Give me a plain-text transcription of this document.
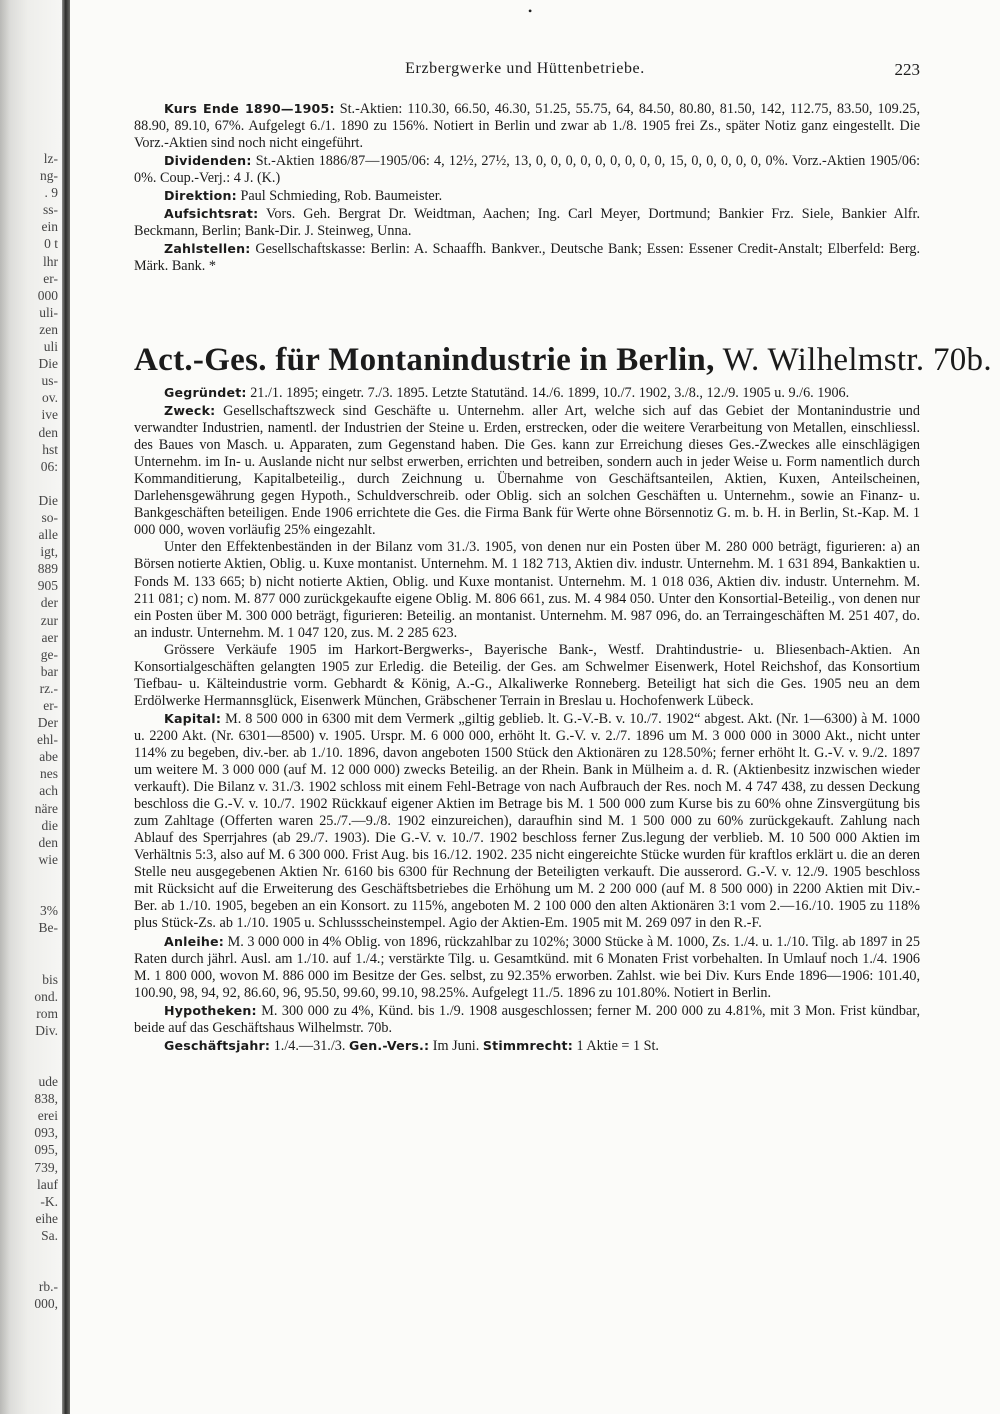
lz-
ng-
. 9
ss-
ein
0 t
lhr
er-
000
uli-
zen
uli
Die
us-
ov.
ive
den
hst
06:
Die
so-
alle
igt,
889
905
der
zur
aer
ge-
bar
rz.-
er-
Der
ehl-
abe
nes
ach
näre
die
den
wie
3%
Be-
bis
ond.
rom
Div.
ude
838,
erei
093,
095,
739,
lauf
-K.
eihe
Sa.
rb.-
000,
•
Erzbergwerke und Hüttenbetriebe.	223

Kurs Ende 1890—1905: St.-Aktien: 110.30, 66.50, 46.30, 51.25, 55.75, 64, 84.50, 80.80, 81.50, 142, 112.75, 83.50, 109.25, 88.90, 89.10, 67%. Aufgelegt 6./1. 1890 zu 156%. Notiert in Berlin und zwar ab 1./8. 1905 frei Zs., später Notiz ganz eingestellt. Die Vorz.-Aktien sind noch nicht eingeführt.

Dividenden: St.-Aktien 1886/87—1905/06: 4, 12½, 27½, 13, 0, 0, 0, 0, 0, 0, 0, 0, 0, 15, 0, 0, 0, 0, 0, 0%. Vorz.-Aktien 1905/06: 0%. Coup.-Verj.: 4 J. (K.)

Direktion: Paul Schmieding, Rob. Baumeister.

Aufsichtsrat: Vors. Geh. Bergrat Dr. Weidtman, Aachen; Ing. Carl Meyer, Dortmund; Bankier Frz. Siele, Bankier Alfr. Beckmann, Berlin; Bank-Dir. J. Steinweg, Unna.

Zahlstellen: Gesellschaftskasse: Berlin: A. Schaaffh. Bankver., Deutsche Bank; Essen: Essener Credit-Anstalt; Elberfeld: Berg. Märk. Bank. *

Act.-Ges. für Montanindustrie in Berlin, W. Wilhelmstr. 70b.

Gegründet: 21./1. 1895; eingetr. 7./3. 1895. Letzte Statutänd. 14./6. 1899, 10./7. 1902, 3./8., 12./9. 1905 u. 9./6. 1906.

Zweck: Gesellschaftszweck sind Geschäfte u. Unternehm. aller Art, welche sich auf das Gebiet der Montanindustrie und verwandter Industrien, namentl. der Industrien der Steine u. Erden, erstrecken, oder die weitere Verarbeitung von Metallen, einschliessl. des Baues von Masch. u. Apparaten, zum Gegenstand haben. Die Ges. kann zur Erreichung dieses Ges.-Zweckes alle einschlägigen Unternehm. im In- u. Auslande nicht nur selbst erwerben, errichten und betreiben, sondern auch in jeder Weise u. Form namentlich durch Kommanditierung, Kapitalbeteilig., durch Zeichnung u. Übernahme von Geschäftsanteilen, Aktien, Kuxen, Anteilscheinen, Darlehensgewährung gegen Hypoth., Schuldverschreib. oder Oblig. sich an solchen Geschäften u. Unternehm., sowie an Finanz- u. Bankgeschäften beteiligen. Ende 1906 errichtete die Ges. die Firma Bank für Werte ohne Börsennotiz G. m. b. H. in Berlin, St.-Kap. M. 1 000 000, woven vorläufig 25% eingezahlt.

Unter den Effektenbeständen in der Bilanz vom 31./3. 1905, von denen nur ein Posten über M. 280 000 beträgt, figurieren: a) an Börsen notierte Aktien, Oblig. u. Kuxe montanist. Unternehm. M. 1 182 713, Aktien div. industr. Unternehm. M. 1 631 894, Bankaktien u. Fonds M. 133 665; b) nicht notierte Aktien, Oblig. und Kuxe montanist. Unternehm. M. 1 018 036, Aktien div. industr. Unternehm. M. 211 081; c) nom. M. 877 000 zurückgekaufte eigene Oblig. M. 806 661, zus. M. 4 984 050. Unter den Konsortial-Beteilig., von denen nur ein Posten über M. 300 000 beträgt, figurieren: Beteilig. an montanist. Unternehm. M. 987 096, do. an Terraingeschäften M. 251 407, do. an industr. Unternehm. M. 1 047 120, zus. M. 2 285 623.

Grössere Verkäufe 1905 im Harkort-Bergwerks-, Bayerische Bank-, Westf. Drahtindustrie- u. Bliesenbach-Aktien. An Konsortialgeschäften gelangten 1905 zur Erledig. die Beteilig. der Ges. am Schwelmer Eisenwerk, Hotel Reichshof, das Konsortium Tiefbau- u. Kälteindustrie vorm. Gebhardt & König, A.-G., Alkaliwerke Ronneberg. Beteiligt hat sich die Ges. 1905 neu an dem Erdölwerke Hermannsglück, Eisenwerk München, Gräbschener Terrain in Breslau u. Hochofenwerk Lübeck.

Kapital: M. 8 500 000 in 6300 mit dem Vermerk „giltig geblieb. lt. G.-V.-B. v. 10./7. 1902“ abgest. Akt. (Nr. 1—6300) à M. 1000 u. 2200 Akt. (Nr. 6301—8500) v. 1905. Urspr. M. 6 000 000, erhöht lt. G.-V. v. 2./7. 1896 um M. 3 000 000 in 3000 Akt., nicht unter 114% zu begeben, div.-ber. ab 1./10. 1896, davon angeboten 1500 Stück den Aktionären zu 128.50%; ferner erhöht lt. G.-V. v. 9./2. 1897 um weitere M. 3 000 000 (auf M. 12 000 000) zwecks Beteilig. an der Rhein. Bank in Mülheim a. d. R. (Aktienbesitz inzwischen wieder verkauft). Die Bilanz v. 31./3. 1902 schloss mit einem Fehl-Betrage von nach Aufbrauch der Res. noch M. 4 747 438, zu dessen Deckung beschloss die G.-V. v. 10./7. 1902 Rückkauf eigener Aktien im Betrage bis M. 1 500 000 zum Kurse bis zu 60% ohne Zinsvergütung bis zum Zahltage (Offerten waren 25./7.—9./8. 1902 einzureichen), daraufhin sind M. 1 500 000 zu 60% zurückgekauft. Zahlung nach Ablauf des Sperrjahres (ab 29./7. 1903). Die G.-V. v. 10./7. 1902 beschloss ferner Zus.legung der verblieb. M. 10 500 000 Aktien im Verhältnis 5:3, also auf M. 6 300 000. Frist Aug. bis 16./12. 1902. 235 nicht eingereichte Stücke wurden für kraftlos erklärt u. die an deren Stelle neu ausgegebenen Aktien Nr. 6160 bis 6300 für Rechnung der Beteiligten verkauft. Die ausserord. G.-V. v. 12./9. 1905 beschloss mit Rücksicht auf die Erweiterung des Geschäftsbetriebes die Erhöhung um M. 2 200 000 (auf M. 8 500 000) in 2200 Aktien mit Div.-Ber. ab 1./10. 1905, begeben an ein Konsort. zu 115%, angeboten M. 2 100 000 den alten Aktionären 3:1 vom 2.—16./10. 1905 zu 118% plus Stück-Zs. ab 1./10. 1905 u. Schlussscheinstempel. Agio der Aktien-Em. 1905 mit M. 269 097 in den R.-F.

Anleihe: M. 3 000 000 in 4% Oblig. von 1896, rückzahlbar zu 102%; 3000 Stücke à M. 1000, Zs. 1./4. u. 1./10. Tilg. ab 1897 in 25 Raten durch jährl. Ausl. am 1./10. auf 1./4.; verstärkte Tilg. u. Gesamtkünd. mit 6 Monaten Frist vorbehalten. In Umlauf noch 1./4. 1906 M. 1 800 000, wovon M. 886 000 im Besitze der Ges. selbst, zu 92.35% erworben. Zahlst. wie bei Div. Kurs Ende 1896—1906: 101.40, 100.90, 98, 94, 92, 86.60, 96, 95.50, 99.60, 99.10, 98.25%. Aufgelegt 11./5. 1896 zu 101.80%. Notiert in Berlin.

Hypotheken: M. 300 000 zu 4%, Künd. bis 1./9. 1908 ausgeschlossen; ferner M. 200 000 zu 4.81%, mit 3 Mon. Frist kündbar, beide auf das Geschäftshaus Wilhelmstr. 70b.

Geschäftsjahr: 1./4.—31./3. Gen.-Vers.: Im Juni. Stimmrecht: 1 Aktie = 1 St.
